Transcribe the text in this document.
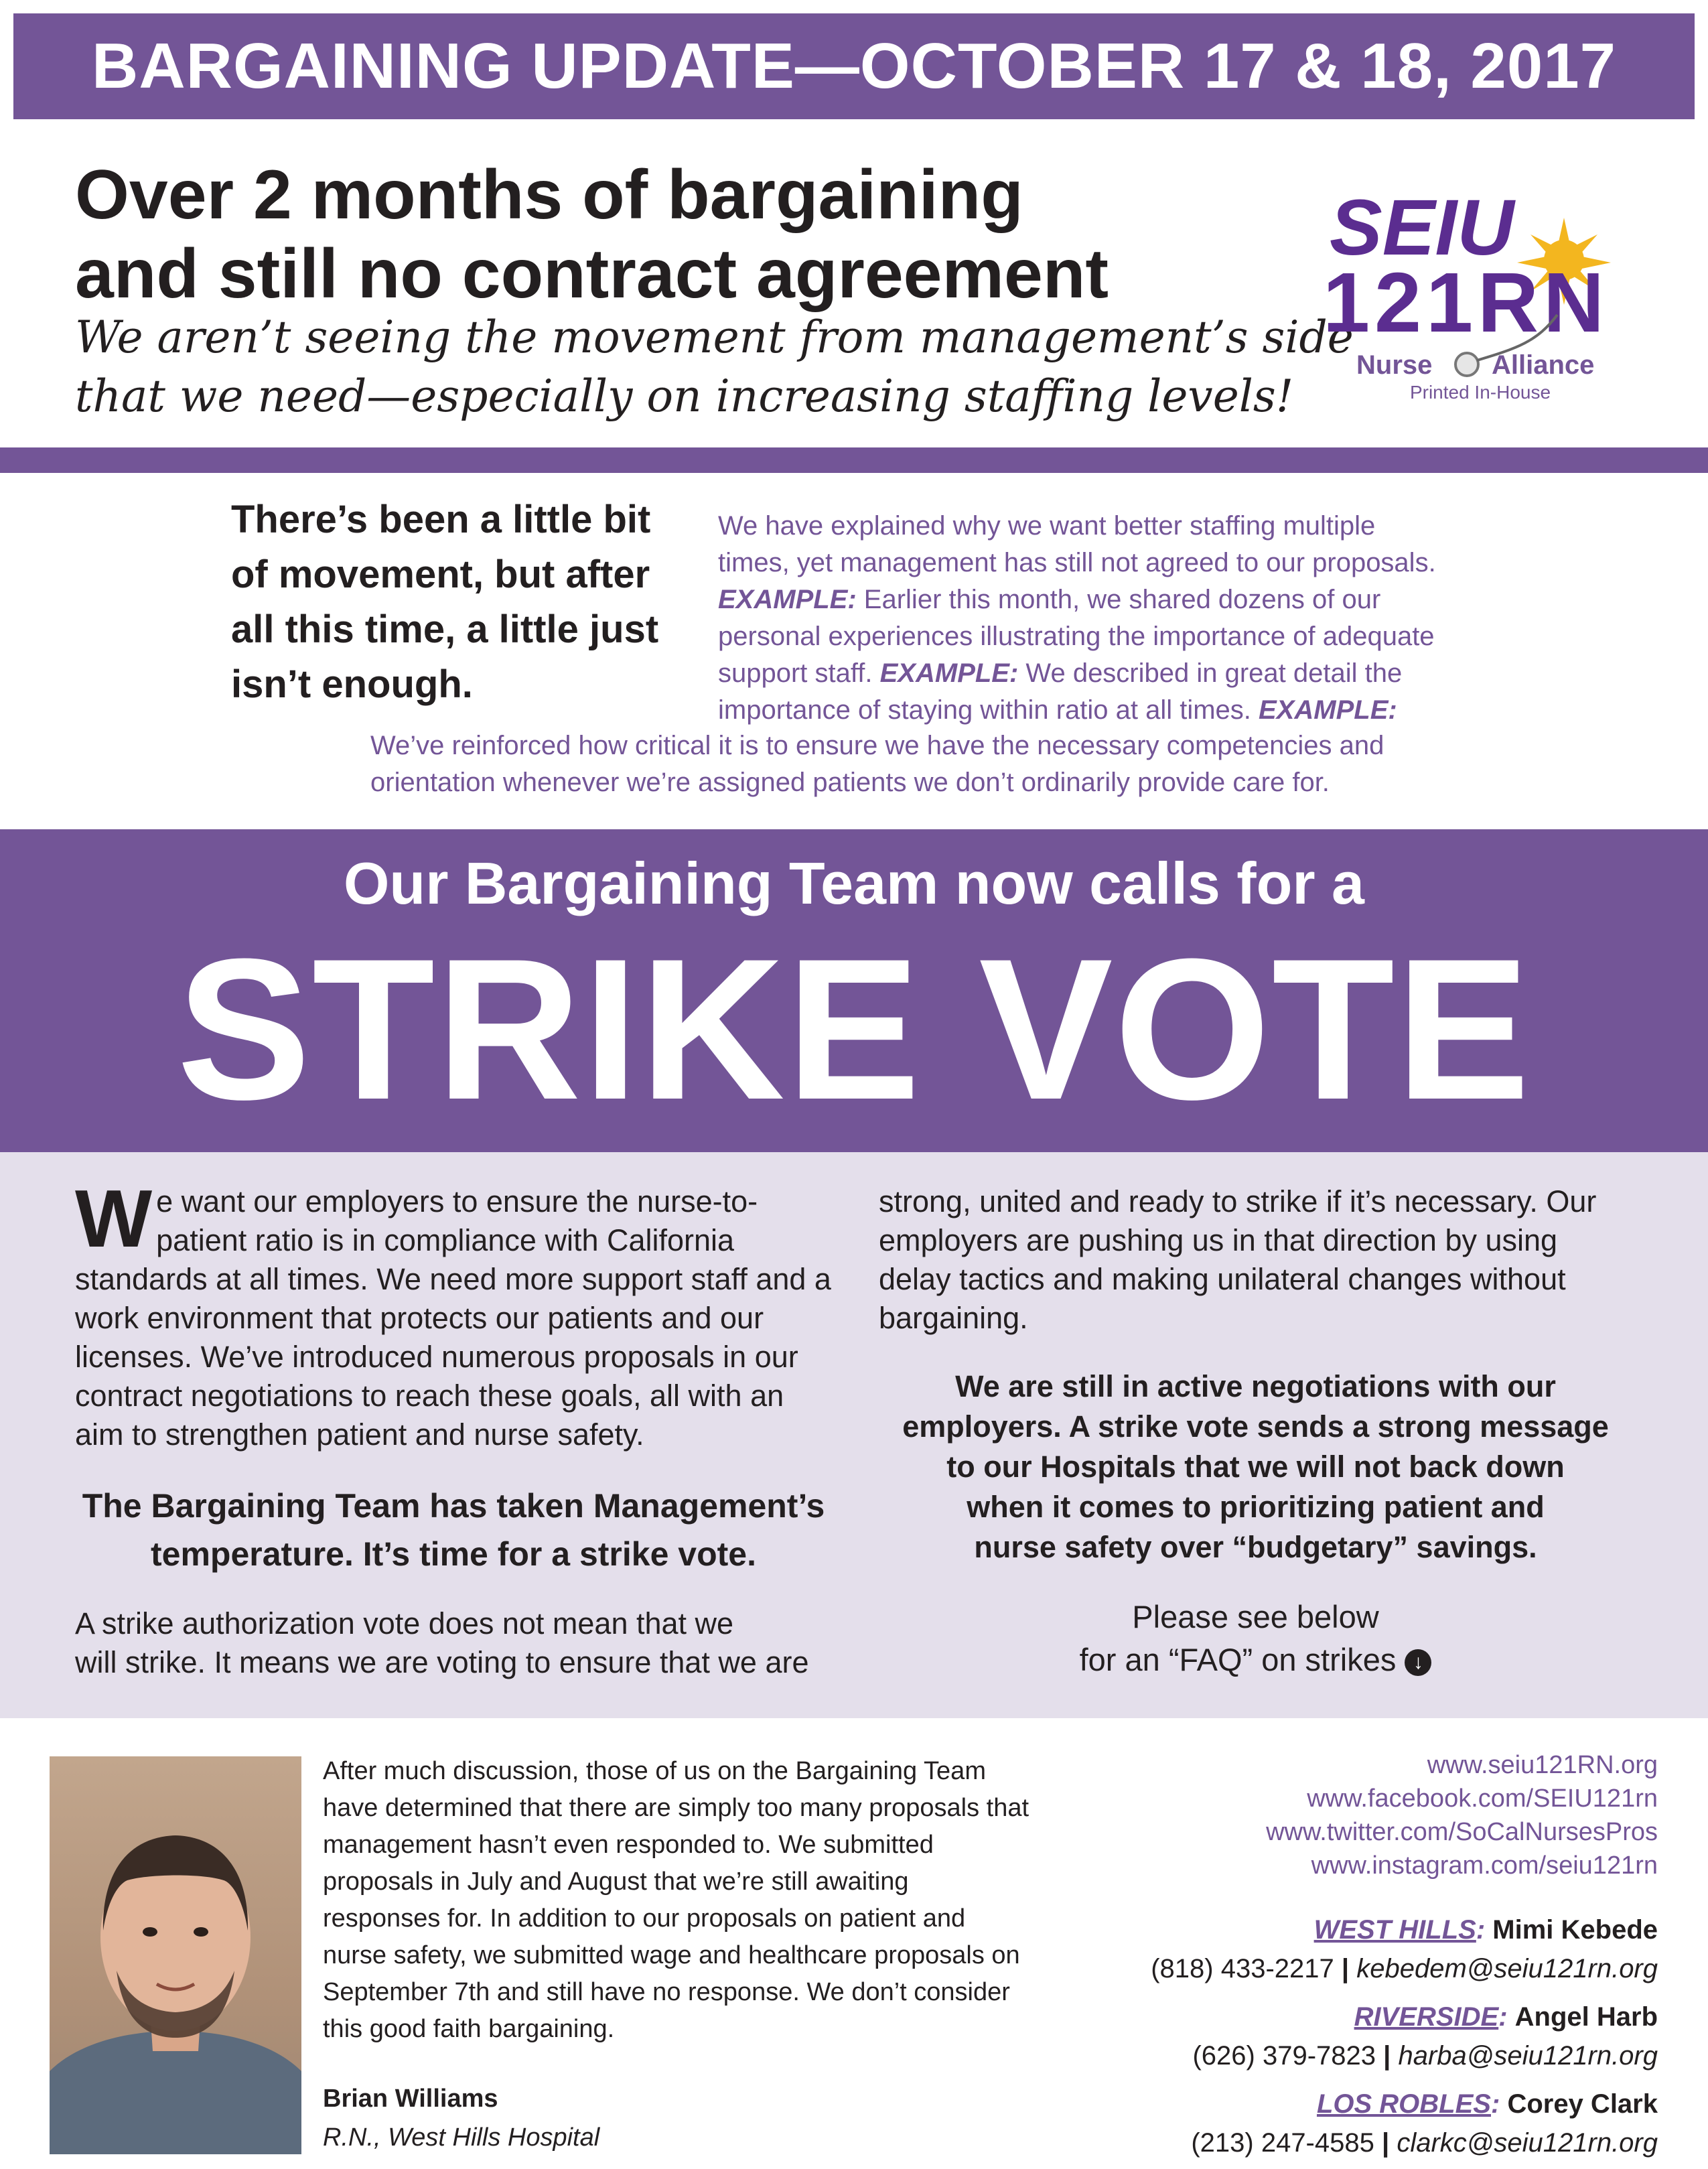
BARGAINING UPDATE—OCTOBER 17 & 18, 2017
Over 2 months of bargaining
and still no contract agreement
We aren’t seeing the movement from management’s side
that we need—especially on increasing staffing levels!
SEIU
121RN
Nurse Alliance
Printed In-House
There’s been a little bit
of movement, but after
all this time, a little just
isn’t enough.
We have explained why we want better staffing multiple
times, yet management has still not agreed to our proposals.
EXAMPLE: Earlier this month, we shared dozens of our
personal experiences illustrating the importance of adequate
support staff. EXAMPLE: We described in great detail the
importance of staying within ratio at all times. EXAMPLE:
We’ve reinforced how critical it is to ensure we have the necessary competencies and
orientation whenever we’re assigned patients we don’t ordinarily provide care for.
Our Bargaining Team now calls for a
STRIKE VOTE
We want our employers to ensure the nurse-to-patient ratio is in compliance with California standards at all times. We need more support staff and a work environment that protects our patients and our licenses. We’ve introduced numerous proposals in our contract negotiations to reach these goals, all with an aim to strengthen patient and nurse safety.
The Bargaining Team has taken Management’s
temperature. It’s time for a strike vote.
A strike authorization vote does not mean that we
will strike. It means we are voting to ensure that we are
strong, united and ready to strike if it’s necessary. Our employers are pushing us in that direction by using delay tactics and making unilateral changes without bargaining.
We are still in active negotiations with our
employers. A strike vote sends a strong message
to our Hospitals that we will not back down
when it comes to prioritizing patient and
nurse safety over “budgetary” savings.
Please see below
for an “FAQ” on strikes ↓
After much discussion, those of us on the Bargaining Team have determined that there are simply too many proposals that management hasn’t even responded to. We submitted proposals in July and August that we’re still awaiting responses for. In addition to our proposals on patient and nurse safety, we submitted wage and healthcare proposals on September 7th and still have no response. We don’t consider this good faith bargaining.
Brian Williams
R.N., West Hills Hospital
www.seiu121RN.org
www.facebook.com/SEIU121rn
www.twitter.com/SoCalNursesPros
www.instagram.com/seiu121rn
WEST HILLS: Mimi Kebede
(818) 433-2217 | kebedem@seiu121rn.org
RIVERSIDE: Angel Harb
(626) 379-7823 | harba@seiu121rn.org
LOS ROBLES: Corey Clark
(213) 247-4585 | clarkc@seiu121rn.org
